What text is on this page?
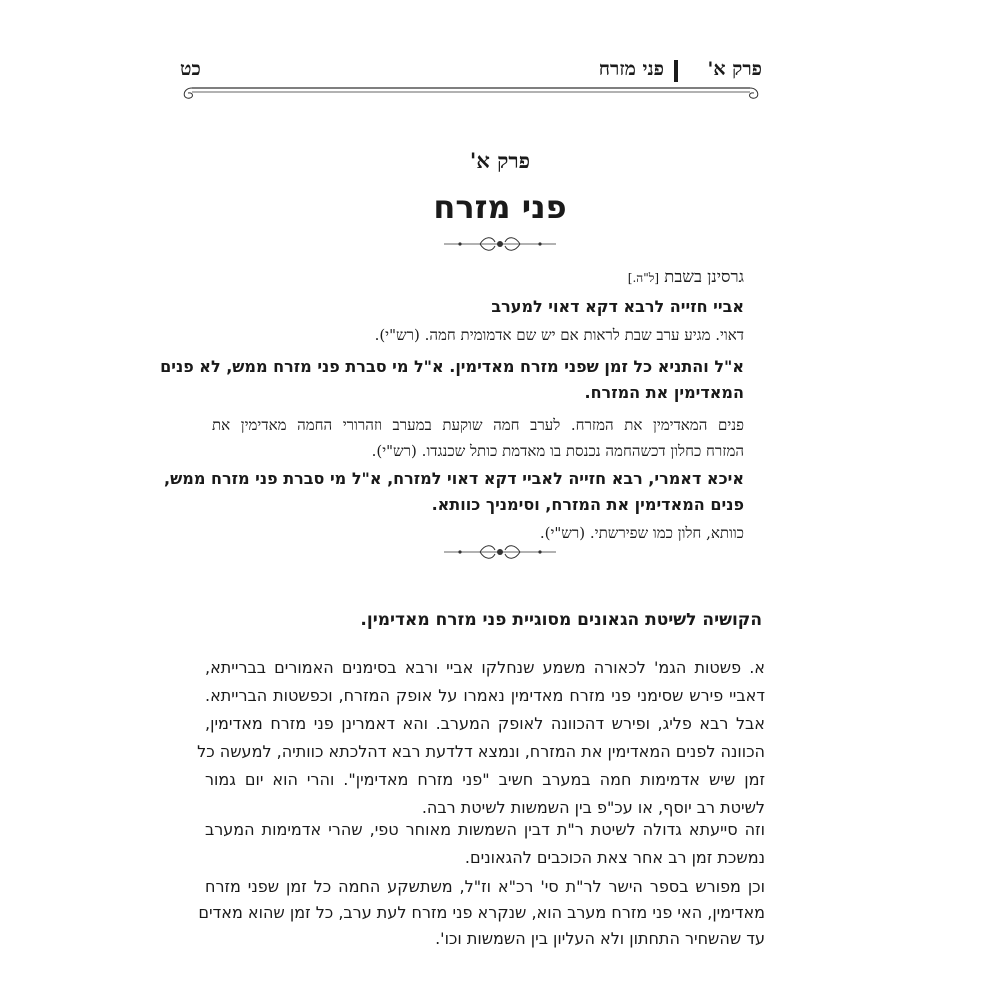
פרק א'
פני מזרח
כט
פרק א'
פני מזרח
גרסינן בשבת [ל"ה.]
אביי חזייה לרבא דקא דאוי למערב
דאוי. מגיע ערב שבת לראות אם יש שם אדמומית חמה. (רש"י).
א"ל והתניא כל זמן שפני מזרח מאדימין. א"ל מי סברת פני מזרח ממש, לא פנים
המאדימין את המזרח.
פנים המאדימין את המזרח. לערב חמה שוקעת במערב וזהרורי החמה מאדימין את
המזרח כחלון דכשהחמה נכנסת בו מאדמת כותל שכנגדו. (רש"י).
איכא דאמרי, רבא חזייה לאביי דקא דאוי למזרח, א"ל מי סברת פני מזרח ממש,
פנים המאדימין את המזרח, וסימניך כוותא.
כוותא, חלון כמו שפירשתי. (רש"י).
הקושיה לשיטת הגאונים מסוגיית פני מזרח מאדימין.
א. פשטות הגמ' לכאורה משמע שנחלקו אביי ורבא בסימנים האמורים בברייתא,
דאביי פירש שסימני פני מזרח מאדימין נאמרו על אופק המזרח, וכפשטות הברייתא.
אבל רבא פליג, ופירש דהכוונה לאופק המערב. והא דאמרינן פני מזרח מאדימין,
הכוונה לפנים המאדימין את המזרח, ונמצא דלדעת רבא דהלכתא כוותיה, למעשה כל
זמן שיש אדמימות חמה במערב חשיב "פני מזרח מאדימין". והרי הוא יום גמור
לשיטת רב יוסף, או עכ"פ בין השמשות לשיטת רבה.
וזה סייעתא גדולה לשיטת ר"ת דבין השמשות מאוחר טפי, שהרי אדמימות המערב
נמשכת זמן רב אחר צאת הכוכבים להגאונים.
וכן מפורש בספר הישר לר"ת סי' רכ"א וז"ל, משתשקע החמה כל זמן שפני מזרח
מאדימין, האי פני מזרח מערב הוא, שנקרא פני מזרח לעת ערב, כל זמן שהוא מאדים
עד שהשחיר התחתון ולא העליון בין השמשות וכו'.
